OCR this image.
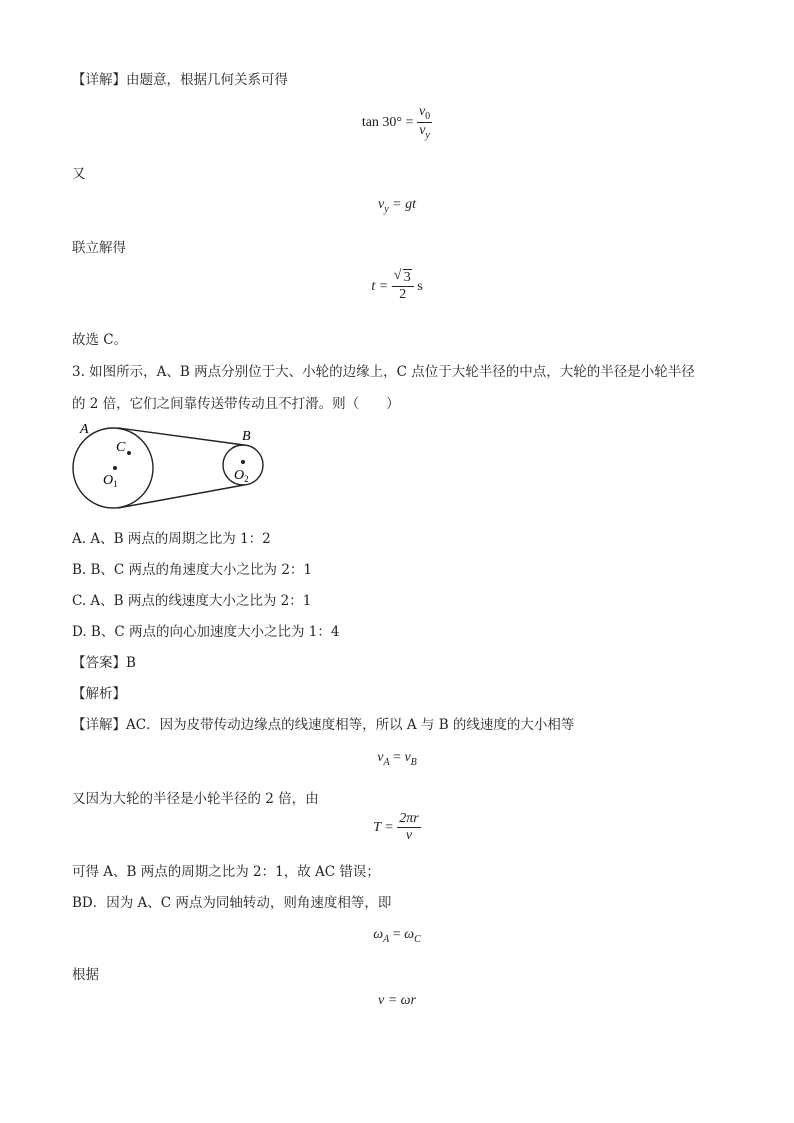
【详解】由题意，根据几何关系可得
$\tan 30^\circ = \frac{v_0}{v_y}$
又
$v_y$ = gt
联立解得
$t = \frac{√ 3}{2}$ s
故选 C。
3. 如图所示，A、B 两点分别位于大、小轮的边缘上，C 点位于大轮半径的中点，大轮的半径是小轮半径
的 2 倍，它们之间靠传送带传动且不打滑。则（　　）
A
C
B
$O_1$
$O_2$
A. A、B 两点的周期之比为 1：2
B. B、C 两点的角速度大小之比为 2：1
C. A、B 两点的线速度大小之比为 2：1
D. B、C 两点的向心加速度大小之比为 1：4
【答案】B
【解析】
【详解】AC．因为皮带传动边缘点的线速度相等，所以 A 与 B 的线速度的大小相等
$v_A = v_B$
又因为大轮的半径是小轮半径的 2 倍，由
$T = \frac{2\pi r}{v}$
可得 A、B 两点的周期之比为 2：1，故 AC 错误；
BD．因为 A、C 两点为同轴转动，则角速度相等，即
$\omega_A = \omega_C$
根据
v = ωr
